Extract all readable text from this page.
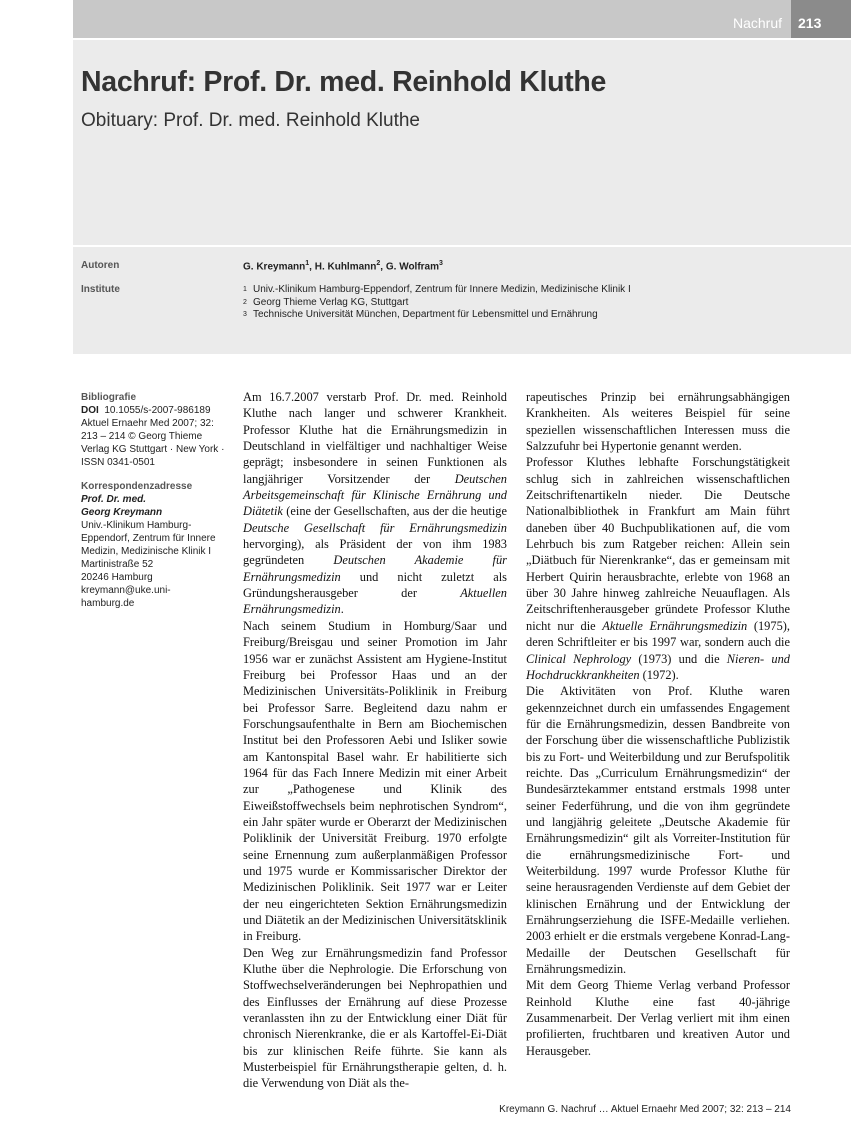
Nachruf 213
Nachruf: Prof. Dr. med. Reinhold Kluthe
Obituary: Prof. Dr. med. Reinhold Kluthe
Autoren
Institute
G. Kreymann$^1$, H. Kuhlmann$^2$, G. Wolfram$^3$
1 Univ.-Klinikum Hamburg-Eppendorf, Zentrum für Innere Medizin, Medizinische Klinik I
2 Georg Thieme Verlag KG, Stuttgart
3 Technische Universität München, Department für Lebensmittel und Ernährung
Bibliografie
DOI 10.1055/s-2007-986189
Aktuel Ernaehr Med 2007; 32:
213 – 214 © Georg Thieme
Verlag KG Stuttgart · New York ·
ISSN 0341-0501
Korrespondenzadresse
Prof. Dr. med.
Georg Kreymann
Univ.-Klinikum Hamburg-
Eppendorf, Zentrum für Innere
Medizin, Medizinische Klinik I
Martinistraße 52
20246 Hamburg
kreymann@uke.uni-
hamburg.de

Am 16.7.2007 verstarb Prof. Dr. med. Reinhold Kluthe nach langer und schwerer Krankheit. Professor Kluthe hat die Ernährungsmedizin in Deutschland in vielfältiger und nachhaltiger Weise geprägt; insbesondere in seinen Funktionen als langjähriger Vorsitzender der Deutschen Arbeitsgemeinschaft für Klinische Ernährung und Diätetik (eine der Gesellschaften, aus der die heutige Deutsche Gesellschaft für Ernährungsmedizin hervorging), als Präsident der von ihm 1983 gegründeten Deutschen Akademie für Ernährungsmedizin und nicht zuletzt als Gründungsherausgeber der Aktuellen Ernährungsmedizin.

Nach seinem Studium in Homburg/Saar und Freiburg/Breisgau und seiner Promotion im Jahr 1956 war er zunächst Assistent am Hygiene-Institut Freiburg bei Professor Haas und an der Medizinischen Universitäts-Poliklinik in Freiburg bei Professor Sarre. Begleitend dazu nahm er Forschungsaufenthalte in Bern am Biochemischen Institut bei den Professoren Aebi und Isliker sowie am Kantonspital Basel wahr. Er habilitierte sich 1964 für das Fach Innere Medizin mit einer Arbeit zur „Pathogenese und Klinik des Eiweißstoffwechsels beim nephrotischen Syndrom“, ein Jahr später wurde er Oberarzt der Medizinischen Poliklinik der Universität Freiburg. 1970 erfolgte seine Ernennung zum außerplanmäßigen Professor und 1975 wurde er Kommissarischer Direktor der Medizinischen Poliklinik. Seit 1977 war er Leiter der neu eingerichteten Sektion Ernährungsmedizin und Diätetik an der Medizinischen Universitätsklinik in Freiburg.

Den Weg zur Ernährungsmedizin fand Professor Kluthe über die Nephrologie. Die Erforschung von Stoffwechselveränderungen bei Nephropathien und des Einflusses der Ernährung auf diese Prozesse veranlassten ihn zu der Entwicklung einer Diät für chronisch Nierenkranke, die er als Kartoffel-Ei-Diät bis zur klinischen Reife führte. Sie kann als Musterbeispiel für Ernährungstherapie gelten, d. h. die Verwendung von Diät als the-

rapeutisches Prinzip bei ernährungsabhängigen Krankheiten. Als weiteres Beispiel für seine speziellen wissenschaftlichen Interessen muss die Salzzufuhr bei Hypertonie genannt werden.

Professor Kluthes lebhafte Forschungstätigkeit schlug sich in zahlreichen wissenschaftlichen Zeitschriftenartikeln nieder. Die Deutsche Nationalbibliothek in Frankfurt am Main führt daneben über 40 Buchpublikationen auf, die vom Lehrbuch bis zum Ratgeber reichen: Allein sein „Diätbuch für Nierenkranke“, das er gemeinsam mit Herbert Quirin herausbrachte, erlebte von 1968 an über 30 Jahre hinweg zahlreiche Neuauflagen. Als Zeitschriftenherausgeber gründete Professor Kluthe nicht nur die Aktuelle Ernährungsmedizin (1975), deren Schriftleiter er bis 1997 war, sondern auch die Clinical Nephrology (1973) und die Nieren- und Hochdruckkrankheiten (1972).

Die Aktivitäten von Prof. Kluthe waren gekennzeichnet durch ein umfassendes Engagement für die Ernährungsmedizin, dessen Bandbreite von der Forschung über die wissenschaftliche Publizistik bis zu Fort- und Weiterbildung und zur Berufspolitik reichte. Das „Curriculum Ernährungsmedizin“ der Bundesärztekammer entstand erstmals 1998 unter seiner Federführung, und die von ihm gegründete und langjährig geleitete „Deutsche Akademie für Ernährungsmedizin“ gilt als Vorreiter-Institution für die ernährungsmedizinische Fort- und Weiterbildung. 1997 wurde Professor Kluthe für seine herausragenden Verdienste auf dem Gebiet der klinischen Ernährung und der Entwicklung der Ernährungserziehung die ISFE-Medaille verliehen. 2003 erhielt er die erstmals vergebene Konrad-Lang-Medaille der Deutschen Gesellschaft für Ernährungsmedizin.

Mit dem Georg Thieme Verlag verband Professor Reinhold Kluthe eine fast 40-jährige Zusammenarbeit. Der Verlag verliert mit ihm einen profilierten, fruchtbaren und kreativen Autor und Herausgeber.

Kreymann G. Nachruf … Aktuel Ernaehr Med 2007; 32: 213 – 214
